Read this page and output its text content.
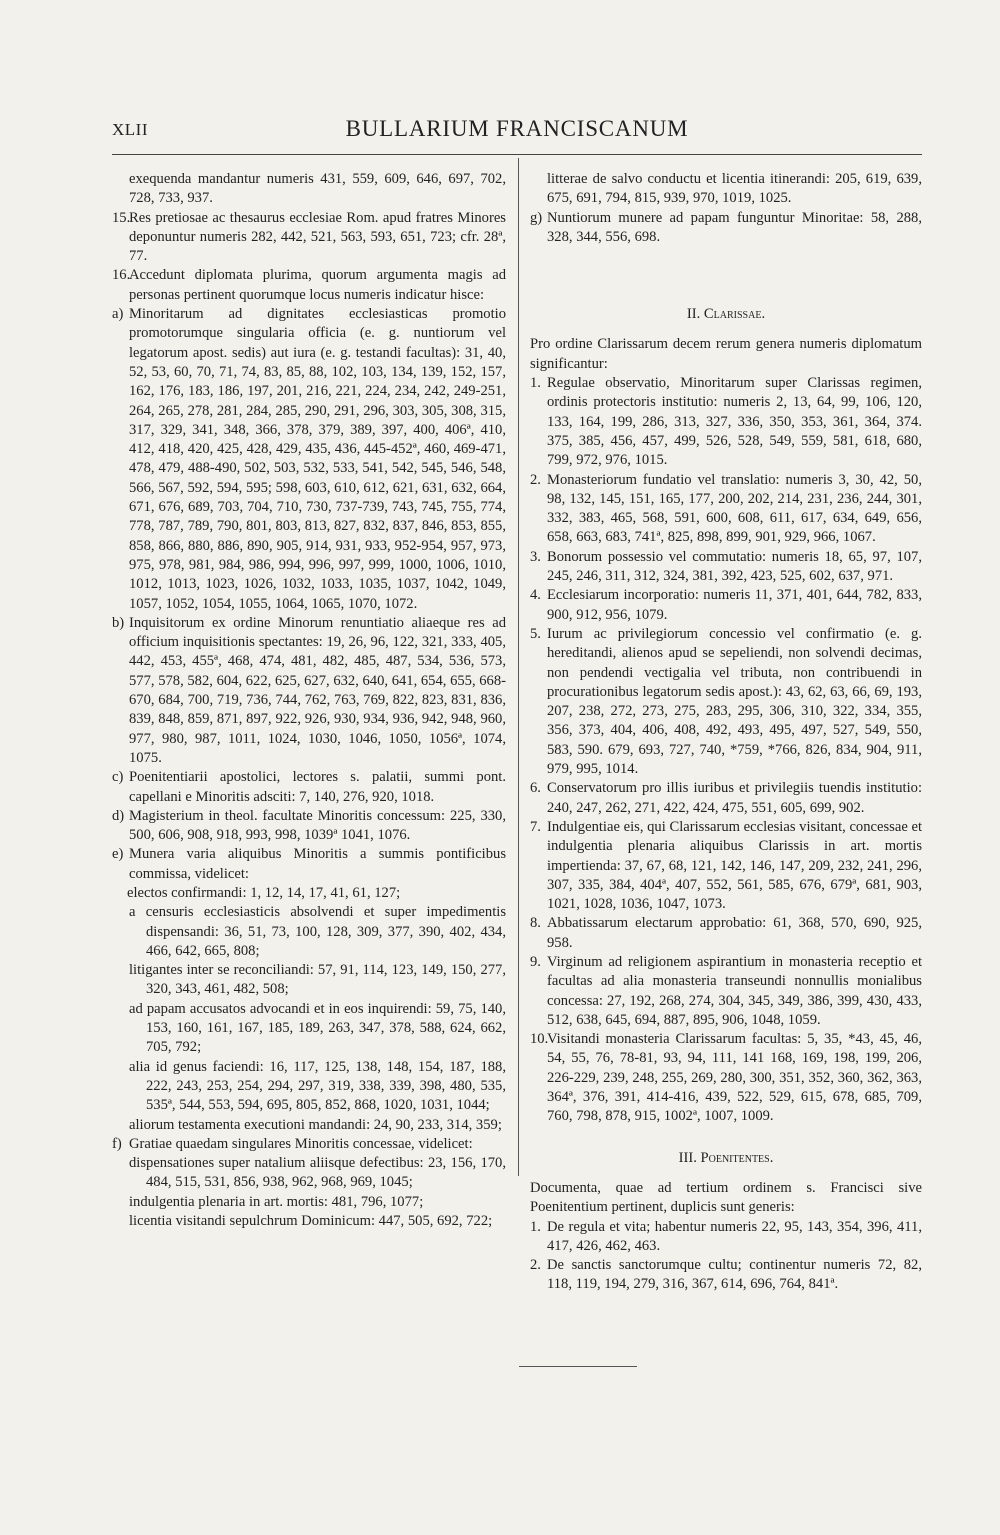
XLII	BULLARIUM FRANCISCANUM
exequenda mandantur numeris 431, 559, 609, 646, 697, 702, 728, 733, 937.
15.
Res pretiosae ac thesaurus ecclesiae Rom. apud fratres Minores deponuntur numeris 282, 442, 521, 563, 593, 651, 723; cfr. 28ª, 77.
16.
Accedunt diplomata plurima, quorum argumenta magis ad personas pertinent quorumque locus numeris indicatur hisce:
a) Minoritarum ad dignitates ecclesiasticas promotio promotorumque singularia officia (e. g. nuntiorum vel legatorum apost. sedis) aut iura (e. g. testandi facultas): 31, 40, 52, 53, 60, 70, 71, 74, 83, 85, 88, 102, 103, 134, 139, 152, 157, 162, 176, 183, 186, 197, 201, 216, 221, 224, 234, 242, 249-251, 264, 265, 278, 281, 284, 285, 290, 291, 296, 303, 305, 308, 315, 317, 329, 341, 348, 366, 378, 379, 389, 397, 400, 406ª, 410, 412, 418, 420, 425, 428, 429, 435, 436, 445-452ª, 460, 469-471, 478, 479, 488-490, 502, 503, 532, 533, 541, 542, 545, 546, 548, 566, 567, 592, 594, 595; 598, 603, 610, 612, 621, 631, 632, 664, 671, 676, 689, 703, 704, 710, 730, 737-739, 743, 745, 755, 774, 778, 787, 789, 790, 801, 803, 813, 827, 832, 837, 846, 853, 855, 858, 866, 880, 886, 890, 905, 914, 931, 933, 952-954, 957, 973, 975, 978, 981, 984, 986, 994, 996, 997, 999, 1000, 1006, 1010, 1012, 1013, 1023, 1026, 1032, 1033, 1035, 1037, 1042, 1049, 1057, 1052, 1054, 1055, 1064, 1065, 1070, 1072.
b) Inquisitorum ex ordine Minorum renuntiatio aliaeque res ad officium inquisitionis spectantes: 19, 26, 96, 122, 321, 333, 405, 442, 453, 455ª, 468, 474, 481, 482, 485, 487, 534, 536, 573, 577, 578, 582, 604, 622, 625, 627, 632, 640, 641, 654, 655, 668-670, 684, 700, 719, 736, 744, 762, 763, 769, 822, 823, 831, 836, 839, 848, 859, 871, 897, 922, 926, 930, 934, 936, 942, 948, 960, 977, 980, 987, 1011, 1024, 1030, 1046, 1050, 1056ª, 1074, 1075.
c) Poenitentiarii apostolici, lectores s. palatii, summi pont. capellani e Minoritis adsciti: 7, 140, 276, 920, 1018.
d) Magisterium in theol. facultate Minoritis concessum: 225, 330, 500, 606, 908, 918, 993, 998, 1039ª 1041, 1076.
e) Munera varia aliquibus Minoritis a summis pontificibus commissa, videlicet:
electos confirmandi: 1, 12, 14, 17, 41, 61, 127;
a censuris ecclesiasticis absolvendi et super impedimentis dispensandi: 36, 51, 73, 100, 128, 309, 377, 390, 402, 434, 466, 642, 665, 808;
litigantes inter se reconciliandi: 57, 91, 114, 123, 149, 150, 277, 320, 343, 461, 482, 508;
ad papam accusatos advocandi et in eos inquirendi: 59, 75, 140, 153, 160, 161, 167, 185, 189, 263, 347, 378, 588, 624, 662, 705, 792;
alia id genus faciendi: 16, 117, 125, 138, 148, 154, 187, 188, 222, 243, 253, 254, 294, 297, 319, 338, 339, 398, 480, 535, 535ª, 544, 553, 594, 695, 805, 852, 868, 1020, 1031, 1044;
aliorum testamenta executioni mandandi: 24, 90, 233, 314, 359;
f) Gratiae quaedam singulares Minoritis concessae, videlicet:
dispensationes super natalium aliisque defectibus: 23, 156, 170, 484, 515, 531, 856, 938, 962, 968, 969, 1045;
indulgentia plenaria in art. mortis: 481, 796, 1077;
licentia visitandi sepulchrum Dominicum: 447, 505, 692, 722;
litterae de salvo conductu et licentia itinerandi: 205, 619, 639, 675, 691, 794, 815, 939, 970, 1019, 1025.
g) Nuntiorum munere ad papam funguntur Minoritae: 58, 288, 328, 344, 556, 698.
II. Clarissae.
Pro ordine Clarissarum decem rerum genera numeris diplomatum significantur:
1. Regulae observatio, Minoritarum super Clarissas regimen, ordinis protectoris institutio: numeris 2, 13, 64, 99, 106, 120, 133, 164, 199, 286, 313, 327, 336, 350, 353, 361, 364, 374. 375, 385, 456, 457, 499, 526, 528, 549, 559, 581, 618, 680, 799, 972, 976, 1015.
2. Monasteriorum fundatio vel translatio: numeris 3, 30, 42, 50, 98, 132, 145, 151, 165, 177, 200, 202, 214, 231, 236, 244, 301, 332, 383, 465, 568, 591, 600, 608, 611, 617, 634, 649, 656, 658, 663, 683, 741ª, 825, 898, 899, 901, 929, 966, 1067.
3. Bonorum possessio vel commutatio: numeris 18, 65, 97, 107, 245, 246, 311, 312, 324, 381, 392, 423, 525, 602, 637, 971.
4. Ecclesiarum incorporatio: numeris 11, 371, 401, 644, 782, 833, 900, 912, 956, 1079.
5. Iurum ac privilegiorum concessio vel confirmatio (e. g. hereditandi, alienos apud se sepeliendi, non solvendi decimas, non pendendi vectigalia vel tributa, non contribuendi in procurationibus legatorum sedis apost.): 43, 62, 63, 66, 69, 193, 207, 238, 272, 273, 275, 283, 295, 306, 310, 322, 334, 355, 356, 373, 404, 406, 408, 492, 493, 495, 497, 527, 549, 550, 583, 590. 679, 693, 727, 740, *759, *766, 826, 834, 904, 911, 979, 995, 1014.
6. Conservatorum pro illis iuribus et privilegiis tuendis institutio: 240, 247, 262, 271, 422, 424, 475, 551, 605, 699, 902.
7. Indulgentiae eis, qui Clarissarum ecclesias visitant, concessae et indulgentia plenaria aliquibus Clarissis in art. mortis impertienda: 37, 67, 68, 121, 142, 146, 147, 209, 232, 241, 296, 307, 335, 384, 404ª, 407, 552, 561, 585, 676, 679ª, 681, 903, 1021, 1028, 1036, 1047, 1073.
8. Abbatissarum electarum approbatio: 61, 368, 570, 690, 925, 958.
9. Virginum ad religionem aspirantium in monasteria receptio et facultas ad alia monasteria transeundi nonnullis monialibus concessa: 27, 192, 268, 274, 304, 345, 349, 386, 399, 430, 433, 512, 638, 645, 694, 887, 895, 906, 1048, 1059.
10.
Visitandi monasteria Clarissarum facultas: 5, 35, *43, 45, 46, 54, 55, 76, 78-81, 93, 94, 111, 141 168, 169, 198, 199, 206, 226-229, 239, 248, 255, 269, 280, 300, 351, 352, 360, 362, 363, 364ª, 376, 391, 414-416, 439, 522, 529, 615, 678, 685, 709, 760, 798, 878, 915, 1002ª, 1007, 1009.
III. Poenitentes.
Documenta, quae ad tertium ordinem s. Francisci sive Poenitentium pertinent, duplicis sunt generis:
1. De regula et vita; habentur numeris 22, 95, 143, 354, 396, 411, 417, 426, 462, 463.
2. De sanctis sanctorumque cultu; continentur numeris 72, 82, 118, 119, 194, 279, 316, 367, 614, 696, 764, 841ª.
